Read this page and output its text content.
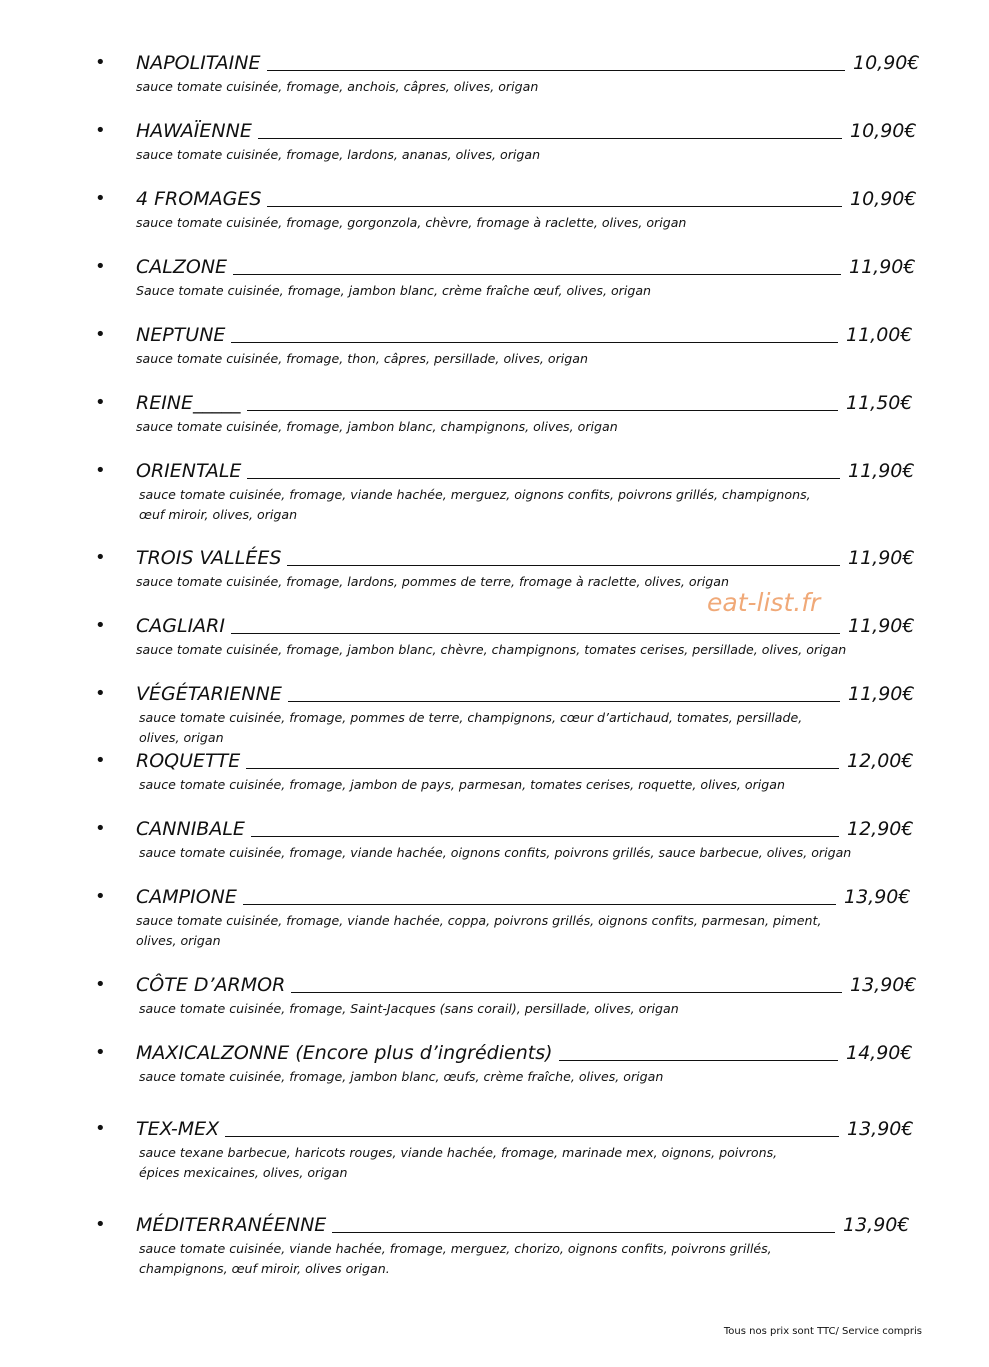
• NAPOLITAINE	10,90€
sauce tomate cuisinée, fromage, anchois, câpres, olives, origan
• HAWAÏENNE	10,90€
sauce tomate cuisinée, fromage, lardons, ananas, olives, origan
• 4 FROMAGES	10,90€
sauce tomate cuisinée, fromage, gorgonzola, chèvre, fromage à raclette, olives, origan
• CALZONE	11,90€
Sauce tomate cuisinée, fromage, jambon blanc, crème fraîche œuf, olives, origan
• NEPTUNE	11,00€
sauce tomate cuisinée, fromage, thon, câpres, persillade, olives, origan
• REINE_____	11,50€
sauce tomate cuisinée, fromage, jambon blanc, champignons, olives, origan
• ORIENTALE	11,90€
sauce tomate cuisinée, fromage, viande hachée, merguez, oignons confits, poivrons grillés, champignons,
œuf miroir, olives, origan
• TROIS VALLÉES	11,90€
sauce tomate cuisinée, fromage, lardons, pommes de terre, fromage à raclette, olives, origan
• CAGLIARI	11,90€
sauce tomate cuisinée, fromage, jambon blanc, chèvre, champignons, tomates cerises, persillade, olives, origan
• VÉGÉTARIENNE	11,90€
sauce tomate cuisinée, fromage, pommes de terre, champignons, cœur d’artichaud, tomates, persillade,
olives, origan
• ROQUETTE	12,00€
sauce tomate cuisinée, fromage, jambon de pays, parmesan, tomates cerises, roquette, olives, origan
• CANNIBALE	12,90€
sauce tomate cuisinée, fromage, viande hachée, oignons confits, poivrons grillés, sauce barbecue, olives, origan
• CAMPIONE	13,90€
sauce tomate cuisinée, fromage, viande hachée, coppa, poivrons grillés, oignons confits, parmesan, piment,
olives, origan
• CÔTE D’ARMOR	13,90€
sauce tomate cuisinée, fromage, Saint-Jacques (sans corail), persillade, olives, origan
• MAXICALZONNE (Encore plus d’ingrédients)	14,90€
sauce tomate cuisinée, fromage, jambon blanc, œufs, crème fraîche, olives, origan
• TEX-MEX	13,90€
sauce texane barbecue, haricots rouges, viande hachée, fromage, marinade mex, oignons, poivrons,
épices mexicaines, olives, origan
• MÉDITERRANÉENNE	13,90€
sauce tomate cuisinée, viande hachée, fromage, merguez, chorizo, oignons confits, poivrons grillés,
champignons, œuf miroir, olives origan.
eat-list.fr
Tous nos prix sont TTC/ Service compris
